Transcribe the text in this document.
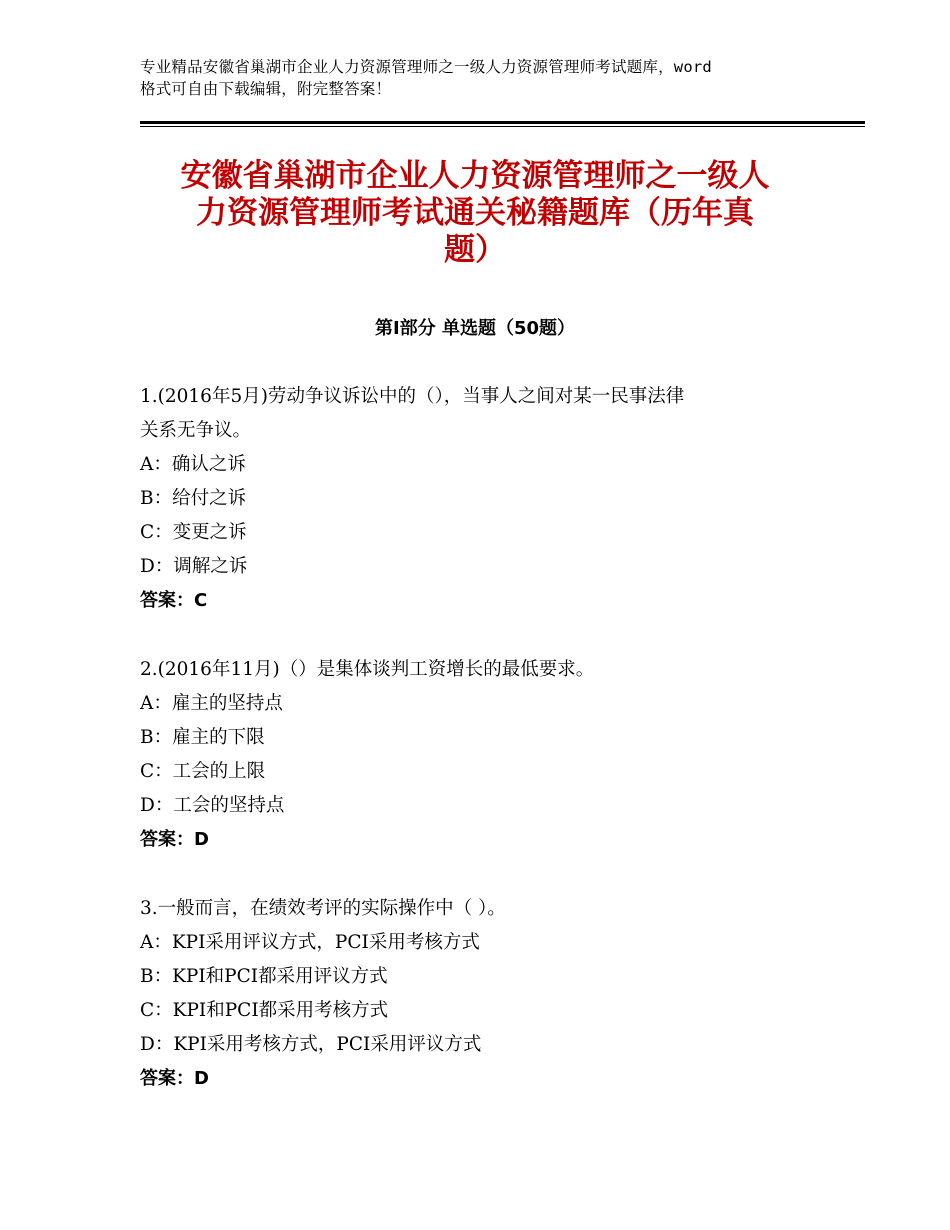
专业精品安徽省巢湖市企业人力资源管理师之一级人力资源管理师考试题库，word
格式可自由下载编辑，附完整答案！
安徽省巢湖市企业人力资源管理师之一级人
力资源管理师考试通关秘籍题库（历年真
题）
第Ⅰ部分 单选题（50题）
1.(2016年5月)劳动争议诉讼中的（），当事人之间对某一民事法律
关系无争议。
A：确认之诉
B：给付之诉
C：变更之诉
D：调解之诉
答案：C
2.(2016年11月)（）是集体谈判工资增长的最低要求。
A：雇主的坚持点
B：雇主的下限
C：工会的上限
D：工会的坚持点
答案：D
3.一般而言，在绩效考评的实际操作中（ ）。
A：KPI采用评议方式，PCI采用考核方式
B：KPI和PCI都采用评议方式
C：KPI和PCI都采用考核方式
D：KPI采用考核方式，PCI采用评议方式
答案：D
